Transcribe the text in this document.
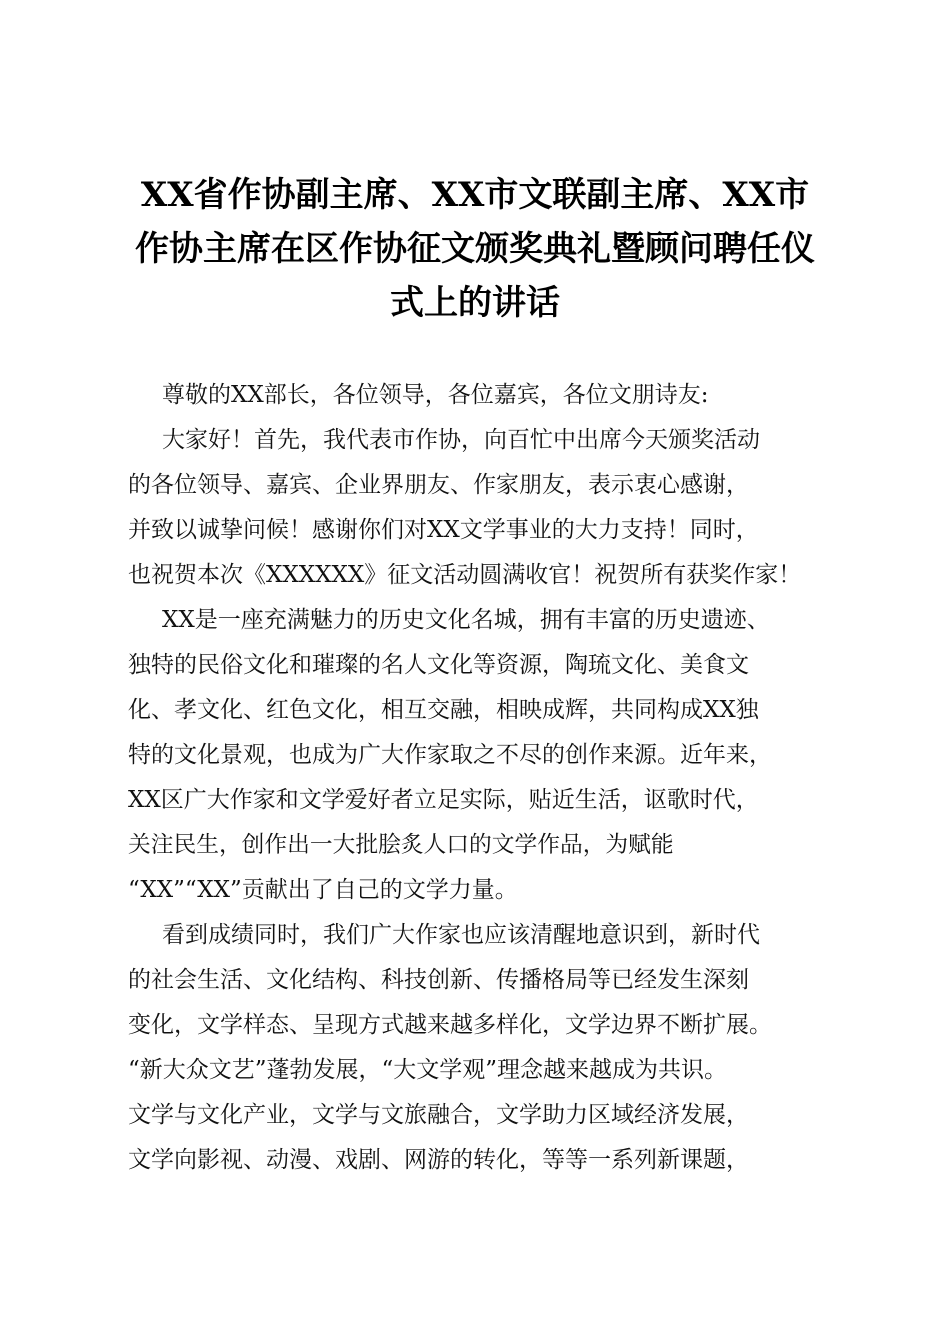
XX省作协副主席、XX市文联副主席、XX市
作协主席在区作协征文颁奖典礼暨顾问聘任仪
式上的讲话
尊敬的XX部长，各位领导，各位嘉宾，各位文朋诗友:
大家好！首先，我代表市作协，向百忙中出席今天颁奖活动
的各位领导、嘉宾、企业界朋友、作家朋友，表示衷心感谢，
并致以诚挚问候！感谢你们对XX文学事业的大力支持！同时，
也祝贺本次《XXXXXX》征文活动圆满收官！祝贺所有获奖作家！
XX是一座充满魅力的历史文化名城，拥有丰富的历史遗迹、
独特的民俗文化和璀璨的名人文化等资源，陶琉文化、美食文
化、孝文化、红色文化，相互交融，相映成辉，共同构成XX独
特的文化景观，也成为广大作家取之不尽的创作来源。近年来，
XX区广大作家和文学爱好者立足实际，贴近生活，讴歌时代，
关注民生，创作出一大批脍炙人口的文学作品，为赋能
“XX”“XX”贡献出了自己的文学力量。
看到成绩同时，我们广大作家也应该清醒地意识到，新时代
的社会生活、文化结构、科技创新、传播格局等已经发生深刻
变化，文学样态、呈现方式越来越多样化，文学边界不断扩展。
“新大众文艺”蓬勃发展，“大文学观”理念越来越成为共识。
文学与文化产业，文学与文旅融合，文学助力区域经济发展，
文学向影视、动漫、戏剧、网游的转化，等等一系列新课题，
